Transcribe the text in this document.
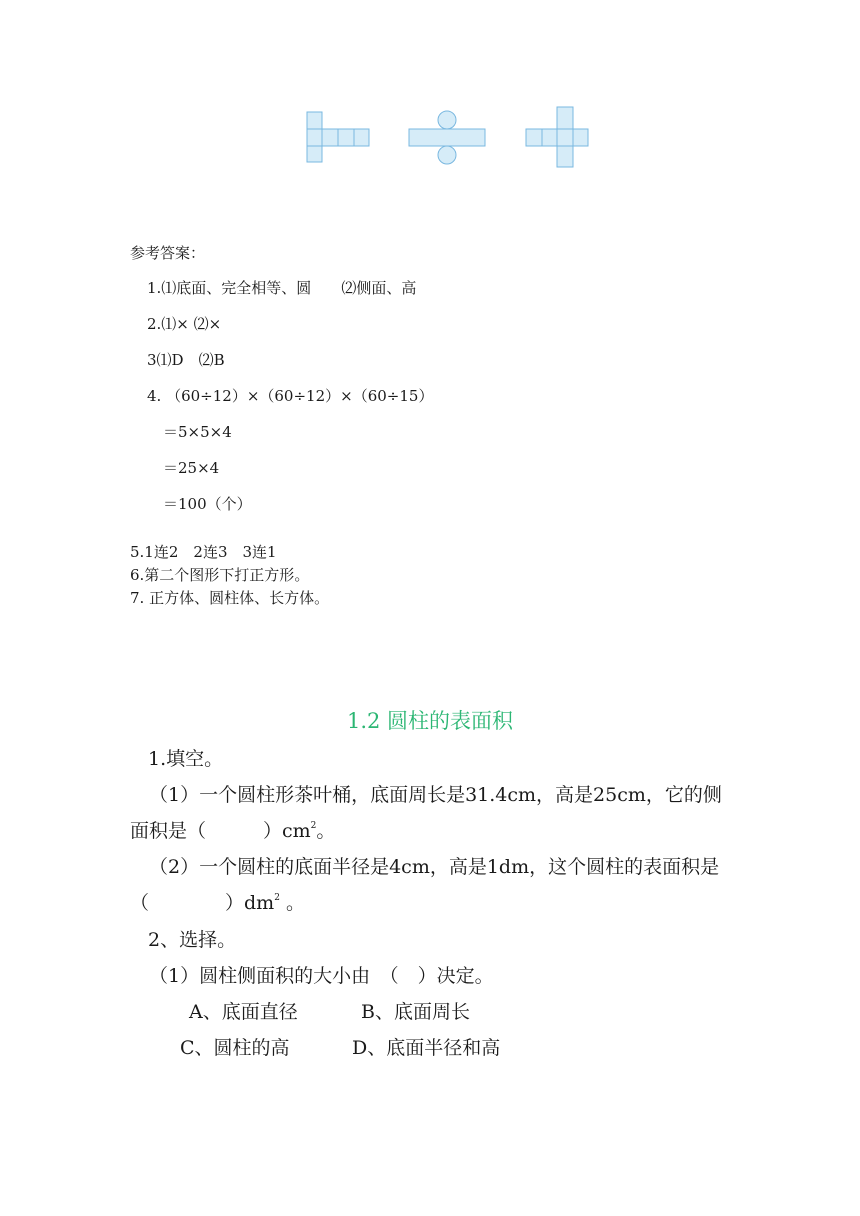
参考答案：
1.⑴底面、完全相等、圆　　⑵侧面、高
2.⑴× ⑵×
3⑴D　⑵B
4. （60÷12）×（60÷12）×（60÷15）
＝5×5×4
＝25×4
＝100（个）
5.1连2　2连3　3连1
6.第二个图形下打正方形。
7. 正方体、圆柱体、长方体。
1.2 圆柱的表面积
1.填空。
（1）一个圆柱形茶叶桶，底面周长是31.4cm，高是25cm，它的侧
面积是（　　　）$cm^2$。
（2）一个圆柱的底面半径是4cm，高是1dm，这个圆柱的表面积是
（　　　　）$dm^2$ 。
2、选择。
（1）圆柱侧面积的大小由　（　）决定。
A、底面直径	B、底面周长
C、圆柱的高	D、底面半径和高
